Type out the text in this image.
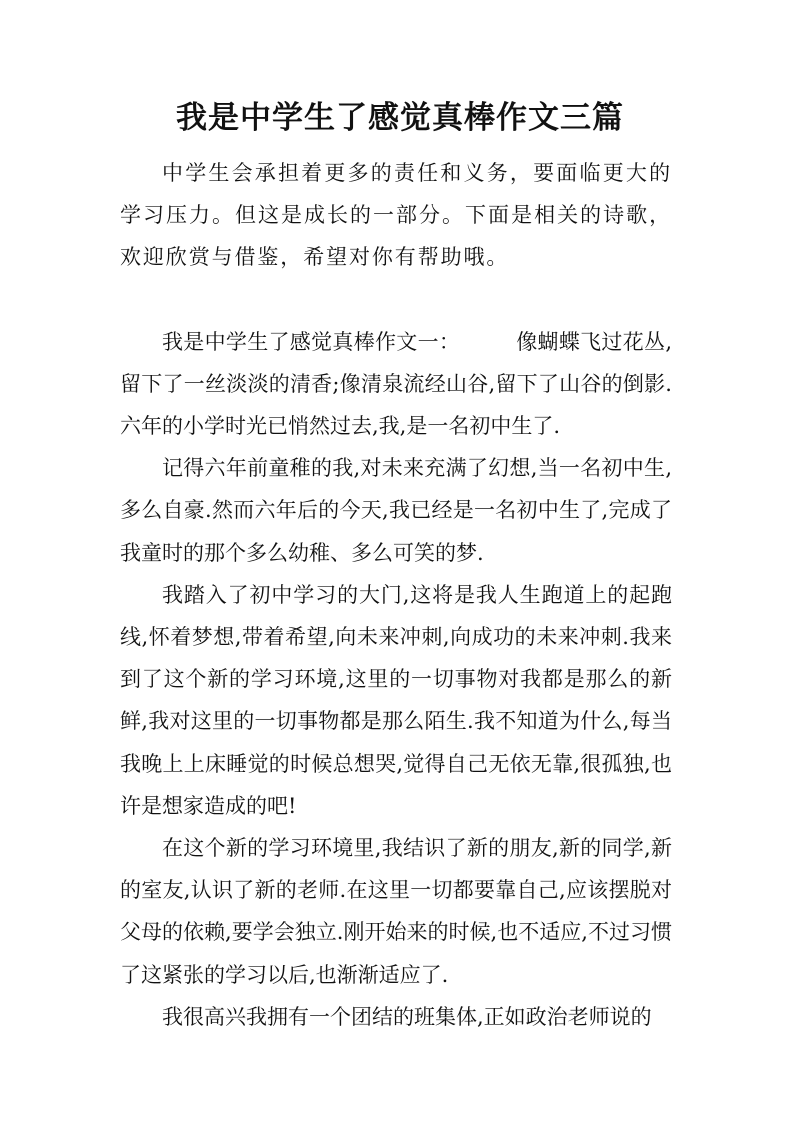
我是中学生了感觉真棒作文三篇

中学生会承担着更多的责任和义务，要面临更大的学习压力。但这是成长的一部分。下面是相关的诗歌，欢迎欣赏与借鉴，希望对你有帮助哦。

我是中学生了感觉真棒作文一：	像蝴蝶飞过花丛,留下了一丝淡淡的清香;像清泉流经山谷,留下了山谷的倒影.六年的小学时光已悄然过去,我,是一名初中生了.

记得六年前童稚的我,对未来充满了幻想,当一名初中生,多么自豪.然而六年后的今天,我已经是一名初中生了,完成了我童时的那个多么幼稚、多么可笑的梦.

我踏入了初中学习的大门,这将是我人生跑道上的起跑线,怀着梦想,带着希望,向未来冲刺,向成功的未来冲刺.我来到了这个新的学习环境,这里的一切事物对我都是那么的新鲜,我对这里的一切事物都是那么陌生.我不知道为什么,每当我晚上上床睡觉的时候总想哭,觉得自己无依无靠,很孤独,也许是想家造成的吧!

在这个新的学习环境里,我结识了新的朋友,新的同学,新的室友,认识了新的老师.在这里一切都要靠自己,应该摆脱对父母的依赖,要学会独立.刚开始来的时候,也不适应,不过习惯了这紧张的学习以后,也渐渐适应了.

我很高兴我拥有一个团结的班集体,正如政治老师说的
